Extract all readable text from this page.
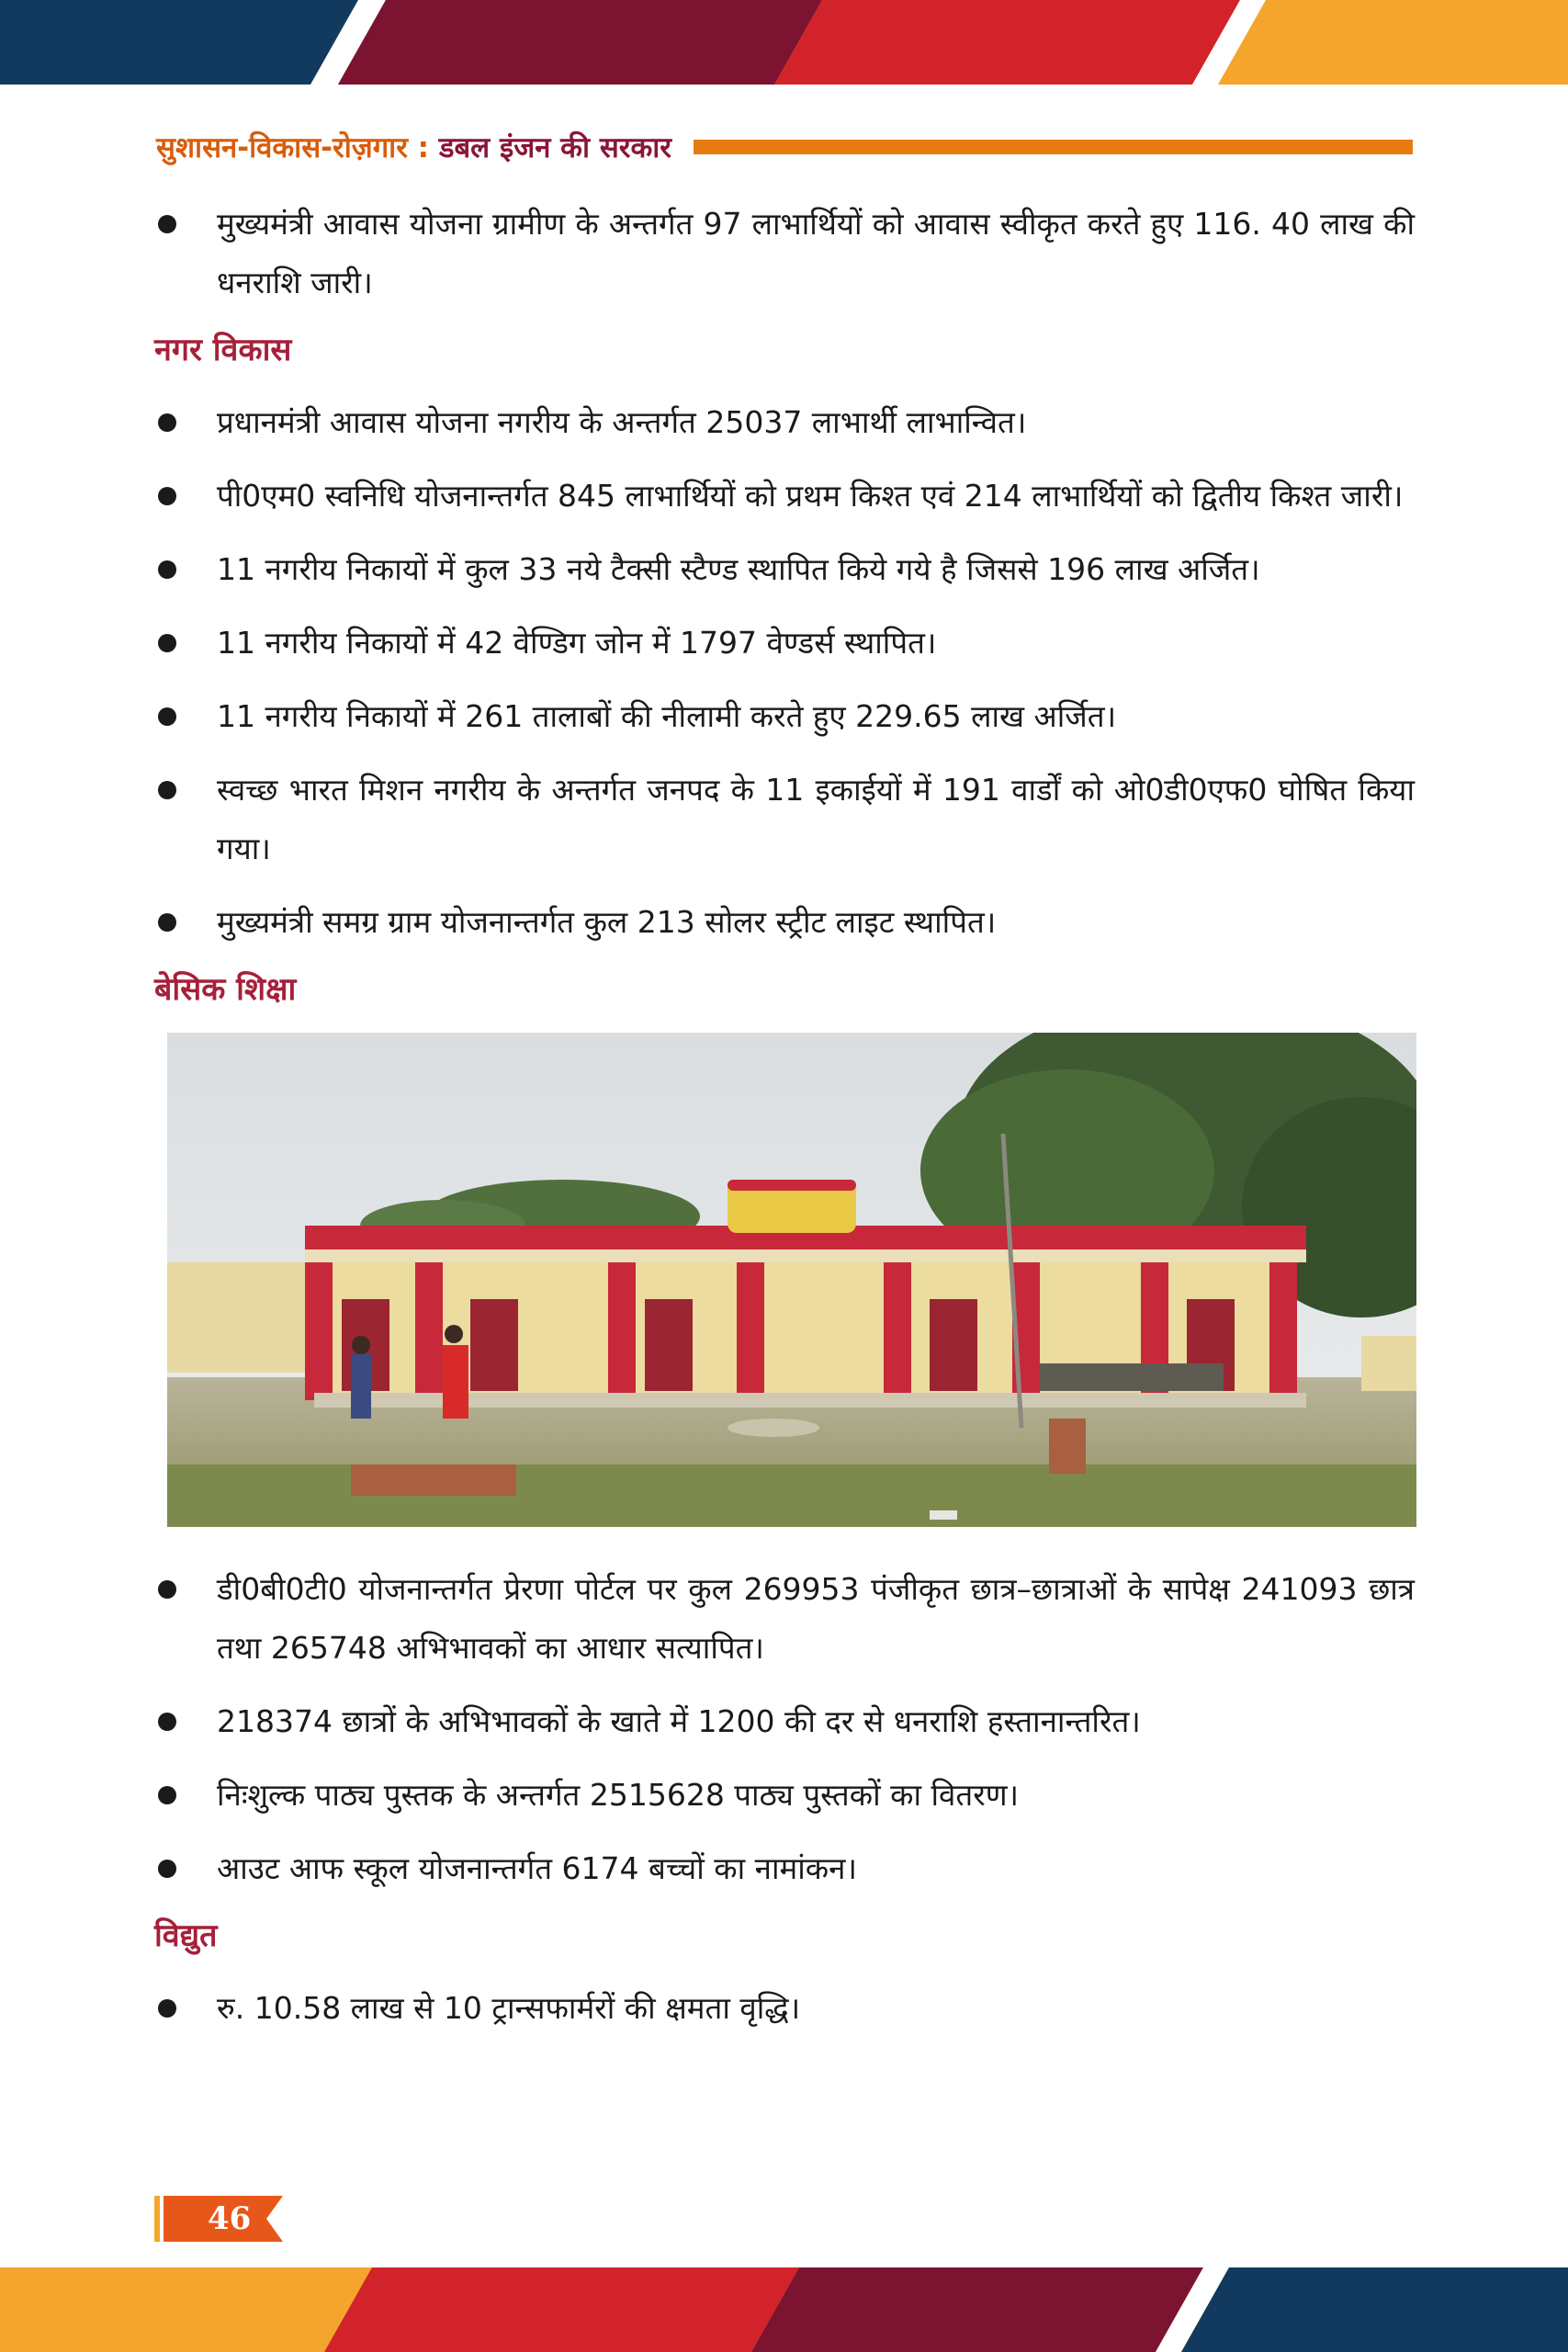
सुशासन-विकास-रोज़गार : डबल इंजन की सरकार
मुख्यमंत्री आवास योजना ग्रामीण के अन्तर्गत 97 लाभार्थियों को आवास स्वीकृत करते हुए 116. 40 लाख की धनराशि जारी।
नगर विकास
प्रधानमंत्री आवास योजना नगरीय के अन्तर्गत 25037 लाभार्थी लाभान्वित।
पी0एम0 स्वनिधि योजनान्तर्गत 845 लाभार्थियों को प्रथम किश्त एवं 214 लाभार्थियों को द्वितीय किश्त जारी।
11 नगरीय निकायों में कुल 33 नये टैक्सी स्टैण्ड स्थापित किये गये है जिससे 196 लाख अर्जित।
11 नगरीय निकायों में 42 वेण्डिग जोन में 1797 वेण्डर्स स्थापित।
11 नगरीय निकायों में 261 तालाबों की नीलामी करते हुए 229.65 लाख अर्जित।
स्वच्छ भारत मिशन नगरीय के अन्तर्गत जनपद के 11 इकाईयों में 191 वार्डों को ओ0डी0एफ0 घोषित किया गया।
मुख्यमंत्री समग्र ग्राम योजनान्तर्गत कुल 213 सोलर स्ट्रीट लाइट स्थापित।
बेसिक शिक्षा
डी0बी0टी0 योजनान्तर्गत प्रेरणा पोर्टल पर कुल 269953 पंजीकृत छात्र–छात्राओं के सापेक्ष 241093 छात्र तथा 265748 अभिभावकों का आधार सत्यापित।
218374 छात्रों के अभिभावकों के खाते में 1200 की दर से धनराशि हस्तानान्तरित।
निःशुल्क पाठ्य पुस्तक के अन्तर्गत 2515628 पाठ्य पुस्तकों का वितरण।
आउट आफ स्कूल योजनान्तर्गत 6174 बच्चों का नामांकन।
विद्युत
रु. 10.58 लाख से 10 ट्रान्सफार्मरों की क्षमता वृद्धि।
46
